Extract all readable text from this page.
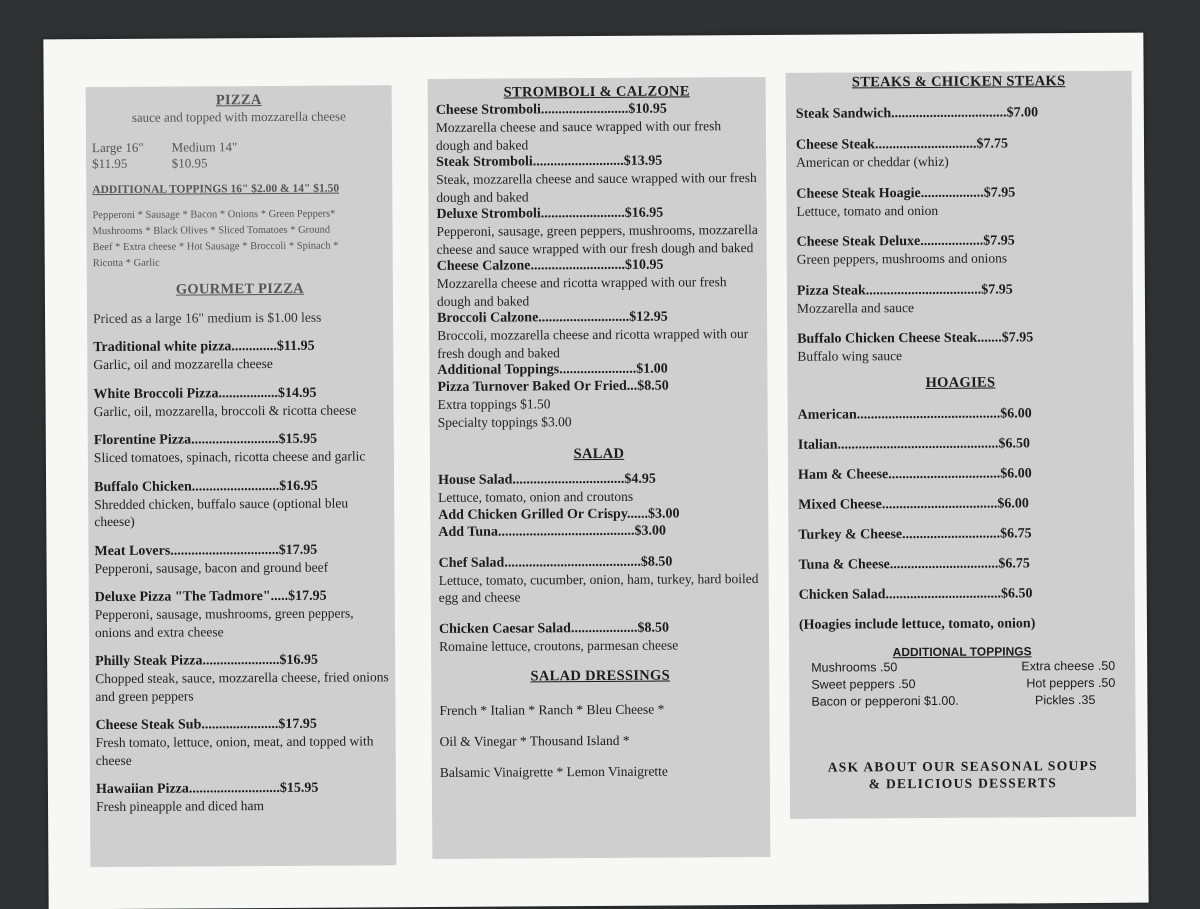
PIZZA
sauce and topped with mozzarella cheese
Large 16"
$11.95
Medium 14"
$10.95
ADDITIONAL TOPPINGS 16" $2.00 & 14" $1.50
Pepperoni * Sausage * Bacon * Onions * Green Peppers*
Mushrooms * Black Olives * Sliced Tomatoes * Ground
Beef * Extra cheese * Hot Sausage * Broccoli * Spinach *
Ricotta * Garlic
GOURMET PIZZA
Priced as a large 16" medium is $1.00 less
Traditional white pizza.............$11.95
Garlic, oil and mozzarella cheese
White Broccoli Pizza.................$14.95
Garlic, oil, mozzarella, broccoli & ricotta cheese
Florentine Pizza.........................$15.95
Sliced tomatoes, spinach, ricotta cheese and garlic
Buffalo Chicken.........................$16.95
Shredded chicken, buffalo sauce (optional bleu cheese)
Meat Lovers...............................$17.95
Pepperoni, sausage, bacon and ground beef
Deluxe Pizza "The Tadmore".....$17.95
Pepperoni, sausage, mushrooms, green peppers, onions and extra cheese
Philly Steak Pizza......................$16.95
Chopped steak, sauce, mozzarella cheese, fried onions and green peppers
Cheese Steak Sub......................$17.95
Fresh tomato, lettuce, onion, meat, and topped with cheese
Hawaiian Pizza..........................$15.95
Fresh pineapple and diced ham
STROMBOLI & CALZONE
Cheese Stromboli.........................$10.95
Mozzarella cheese and sauce wrapped with our fresh dough and baked
Steak Stromboli..........................$13.95
Steak, mozzarella cheese and sauce wrapped with our fresh dough and baked
Deluxe Stromboli........................$16.95
Pepperoni, sausage, green peppers, mushrooms, mozzarella cheese and sauce wrapped with our fresh dough and baked
Cheese Calzone...........................$10.95
Mozzarella cheese and ricotta wrapped with our fresh dough and baked
Broccoli Calzone..........................$12.95
Broccoli, mozzarella cheese and ricotta wrapped with our fresh dough and baked
Additional Toppings......................$1.00
Pizza Turnover Baked Or Fried...$8.50
Extra toppings $1.50
Specialty toppings $3.00
SALAD
House Salad................................$4.95
Lettuce, tomato, onion and croutons
Add Chicken Grilled Or Crispy......$3.00
Add Tuna.......................................$3.00
Chef Salad.......................................$8.50
Lettuce, tomato, cucumber, onion, ham, turkey, hard boiled egg and cheese
Chicken Caesar Salad...................$8.50
Romaine lettuce, croutons, parmesan cheese
SALAD DRESSINGS
French * Italian * Ranch * Bleu Cheese *
Oil & Vinegar * Thousand Island *
Balsamic Vinaigrette * Lemon Vinaigrette
STEAKS & CHICKEN STEAKS
Steak Sandwich.................................$7.00
Cheese Steak.............................$7.75
American or cheddar (whiz)
Cheese Steak Hoagie..................$7.95
Lettuce, tomato and onion
Cheese Steak Deluxe..................$7.95
Green peppers, mushrooms and onions
Pizza Steak.................................$7.95
Mozzarella and sauce
Buffalo Chicken Cheese Steak.......$7.95
Buffalo wing sauce
HOAGIES
American.........................................$6.00
Italian..............................................$6.50
Ham & Cheese................................$6.00
Mixed Cheese.................................$6.00
Turkey & Cheese............................$6.75
Tuna & Cheese...............................$6.75
Chicken Salad.................................$6.50
(Hoagies include lettuce, tomato, onion)
ADDITIONAL TOPPINGS
Mushrooms .50	Extra cheese .50
Sweet peppers .50	Hot peppers .50
Bacon or pepperoni $1.00.	Pickles .35
ASK ABOUT OUR SEASONAL SOUPS
& DELICIOUS DESSERTS
